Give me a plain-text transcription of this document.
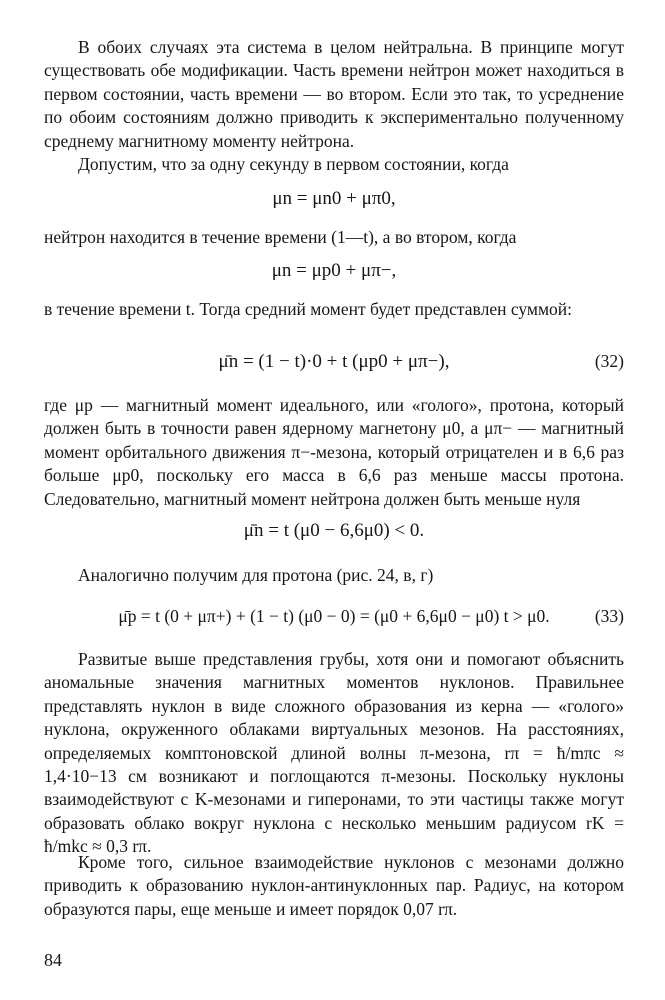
В обоих случаях эта система в целом нейтральна. В принципе могут существовать обе модификации. Часть времени нейтрон может находиться в первом состоянии, часть времени — во втором. Если это так, то усреднение по обоим состояниям должно приводить к экспериментально полученному среднему магнитному моменту нейтрона.

Допустим, что за одну секунду в первом состоянии, когда

μn = μn0 + μπ0,

нейтрон находится в течение времени (1—t), а во втором, когда

μn = μp0 + μπ−,

в течение времени t. Тогда средний момент будет представлен суммой:

μ̄n = (1 − t)·0 + t (μp0 + μπ−),	(32)

где μp — магнитный момент идеального, или «голого», протона, который должен быть в точности равен ядерному магнетону μ0, а μπ− — магнитный момент орбитального движения π−-мезона, который отрицателен и в 6,6 раз больше μp0, поскольку его масса в 6,6 раз меньше массы протона. Следовательно, магнитный момент нейтрона должен быть меньше нуля

μ̄n = t (μ0 − 6,6μ0) < 0.

Аналогично получим для протона (рис. 24, в, г)

μ̄p = t (0 + μπ+) + (1 − t) (μ0 − 0) = (μ0 + 6,6μ0 − μ0) t > μ0.	(33)

Развитые выше представления грубы, хотя они и помогают объяснить аномальные значения магнитных моментов нуклонов. Правильнее представлять нуклон в виде сложного образования из керна — «голого» нуклона, окруженного облаками виртуальных мезонов. На расстояниях, определяемых комптоновской длиной волны π-мезона, rπ = ħ/mπc ≈ 1,4·10−13 см возникают и поглощаются π-мезоны. Поскольку нуклоны взаимодействуют с K-мезонами и гиперонами, то эти частицы также могут образовать облако вокруг нуклона с несколько меньшим радиусом rK = ħ/mkc ≈ 0,3 rπ.

Кроме того, сильное взаимодействие нуклонов с мезонами должно приводить к образованию нуклон-антинуклонных пар. Радиус, на котором образуются пары, еще меньше и имеет порядок 0,07 rπ.

84
